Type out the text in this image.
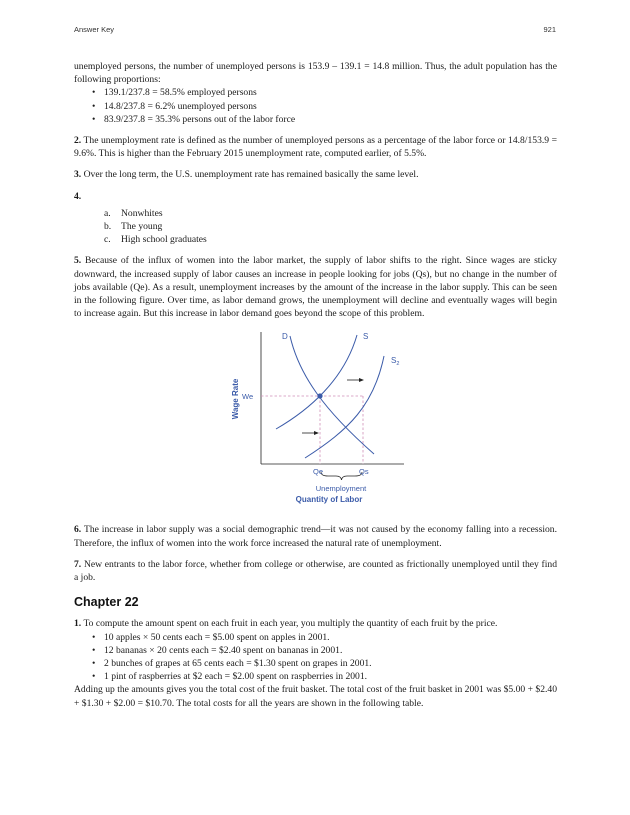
Answer Key	921

unemployed persons, the number of unemployed persons is 153.9 – 139.1 = 14.8 million. Thus, the adult population has the following proportions:

• 139.1/237.8 = 58.5% employed persons
• 14.8/237.8 = 6.2% unemployed persons
• 83.9/237.8 = 35.3% persons out of the labor force

2. The unemployment rate is defined as the number of unemployed persons as a percentage of the labor force or 14.8/153.9 = 9.6%. This is higher than the February 2015 unemployment rate, computed earlier, of 5.5%.

3. Over the long term, the U.S. unemployment rate has remained basically the same level.

4.

a. Nonwhites
b. The young
c. High school graduates

5. Because of the influx of women into the labor market, the supply of labor shifts to the right. Since wages are sticky downward, the increased supply of labor causes an increase in people looking for jobs (Qs), but no change in the number of jobs available (Qe). As a result, unemployment increases by the amount of the increase in the labor supply. This can be seen in the following figure. Over time, as labor demand grows, the unemployment will decline and eventually wages will begin to increase again. But this increase in labor demand goes beyond the scope of this problem.

D	S
$S_2$
We
Qe	Qs
Unemployment
Quantity of Labor
Wage Rate

6. The increase in labor supply was a social demographic trend—it was not caused by the economy falling into a recession. Therefore, the influx of women into the work force increased the natural rate of unemployment.

7. New entrants to the labor force, whether from college or otherwise, are counted as frictionally unemployed until they find a job.

Chapter 22

1. To compute the amount spent on each fruit in each year, you multiply the quantity of each fruit by the price.

• 10 apples × 50 cents each = $5.00 spent on apples in 2001.
• 12 bananas × 20 cents each = $2.40 spent on bananas in 2001.
• 2 bunches of grapes at 65 cents each = $1.30 spent on grapes in 2001.
• 1 pint of raspberries at $2 each = $2.00 spent on raspberries in 2001.

Adding up the amounts gives you the total cost of the fruit basket. The total cost of the fruit basket in 2001 was $5.00 + $2.40 + $1.30 + $2.00 = $10.70. The total costs for all the years are shown in the following table.
